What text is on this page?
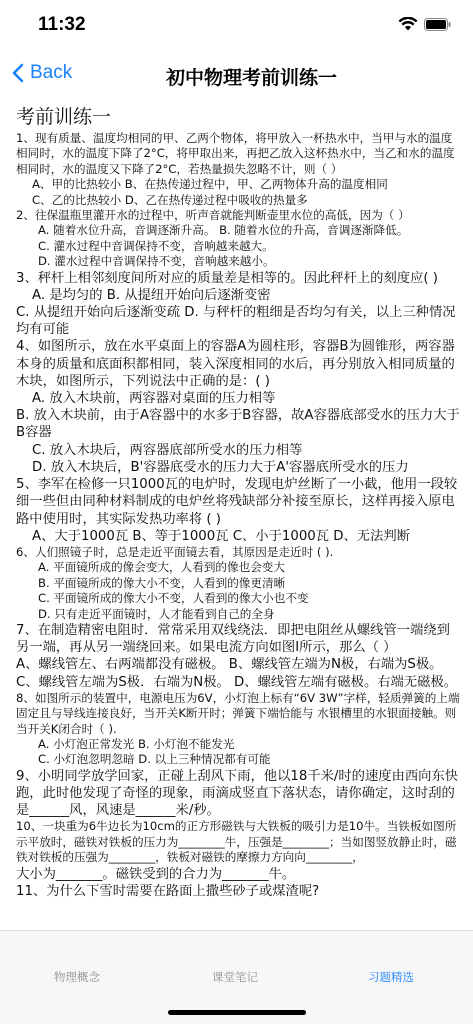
11:32
Back	初中物理考前训练一
考前训练一

1、现有质量、温度均相同的甲、乙两个物体，将甲放入一杯热水中，当甲与水的温度相同时，水的温度下降了2°C，将甲取出来，再把乙放入这杯热水中，当乙和水的温度相同时，水的温度又下降了2°C，若热量损失忽略不计，则（ ）

A、甲的比热较小 B、在热传递过程中，甲、乙两物体升高的温度相同

C、乙的比热较小 D、乙在热传递过程中吸收的热量多

2、往保温瓶里灌开水的过程中，听声音就能判断壶里水位的高低，因为（ ）

A. 随着水位升高，音调逐渐升高。 B. 随着水位的升高，音调逐渐降低。

C. 灌水过程中音调保持不变，音响越来越大。

D. 灌水过程中音调保持不变，音响越来越小。

3、秤杆上相邻刻度间所对应的质量差是相等的。因此秤杆上的刻度应( )

A. 是均匀的 B. 从提纽开始向后逐渐变密

C. 从提纽开始向后逐渐变疏 D. 与秤杆的粗细是否均匀有关，以上三种情况均有可能

4、如图所示，放在水平桌面上的容器A为圆柱形，容器B为圆锥形，两容器本身的质量和底面积都相同，装入深度相同的水后，再分别放入相同质量的木块，如图所示，下列说法中正确的是：( )

A. 放入木块前，两容器对桌面的压力相等

B. 放入木块前，由于A容器中的水多于B容器，故A容器底部受水的压力大于B容器

C. 放入木块后，两容器底部所受水的压力相等

D. 放入木块后，B'容器底受水的压力大于A'容器底所受水的压力

5、李军在检修一只1000瓦的电炉时，发现电炉丝断了一小截，他用一段较细一些但由同种材料制成的电炉丝将残缺部分补接至原长，这样再接入原电路中使用时，其实际发热功率将 ( )

A、大于1000瓦 B、等于1000瓦 C、小于1000瓦 D、无法判断

6、人们照镜子时，总是走近平面镜去看，其原因是走近时 ( ).

A. 平面镜所成的像会变大，人看到的像也会变大

B. 平面镜所成的像大小不变，人看到的像更清晰

C. 平面镜所成的像大小不变，人看到的像大小也不变

D. 只有走近平面镜时，人才能看到自己的全身

7、在制造精密电阻时．常常采用双线绕法．即把电阻丝从螺线管一端绕到另一端，再从另一端绕回来。如果电流方向如图I所示，那么（ ）

A、螺线管左、右两端都没有磁极。 B、螺线管左端为N极，右端为S极。

C、螺线管左端为S极．右端为N极。 D、螺线管左端有磁极。右端无磁极。

8、如图所示的装置中，电源电压为6V，小灯泡上标有“6V 3W”字样，轻质弹簧的上端固定且与导线连接良好，当开关K断开时；弹簧下端恰能与 水银槽里的水银面接触。则当开关K闭合时（ ).

A. 小灯泡正常发光 B. 小灯泡不能发光

C. 小灯泡忽明忽暗 D. 以上三种情况都有可能

9、小明同学放学回家，正碰上刮风下雨，他以18千米/时的速度由西向东快跑，此时他发现了奇怪的现象，雨滴成竖直下落状态，请你确定，这时刮的是______风，风速是______米/秒。

10、一块重为6牛边长为10cm的正方形磁铁与大铁板的吸引力是10牛。当铁板如图所示平放时，磁铁对铁板的压力为________牛，压强是________；当如图竖放静止时，磁铁对铁板的压强为________，铁板对磁铁的摩擦力方向向________，

大小为_______。磁铁受到的合力为_______牛。

11、为什么下雪时需要在路面上撒些砂子或煤渣呢?

物理概念	课堂笔记	习题精选
